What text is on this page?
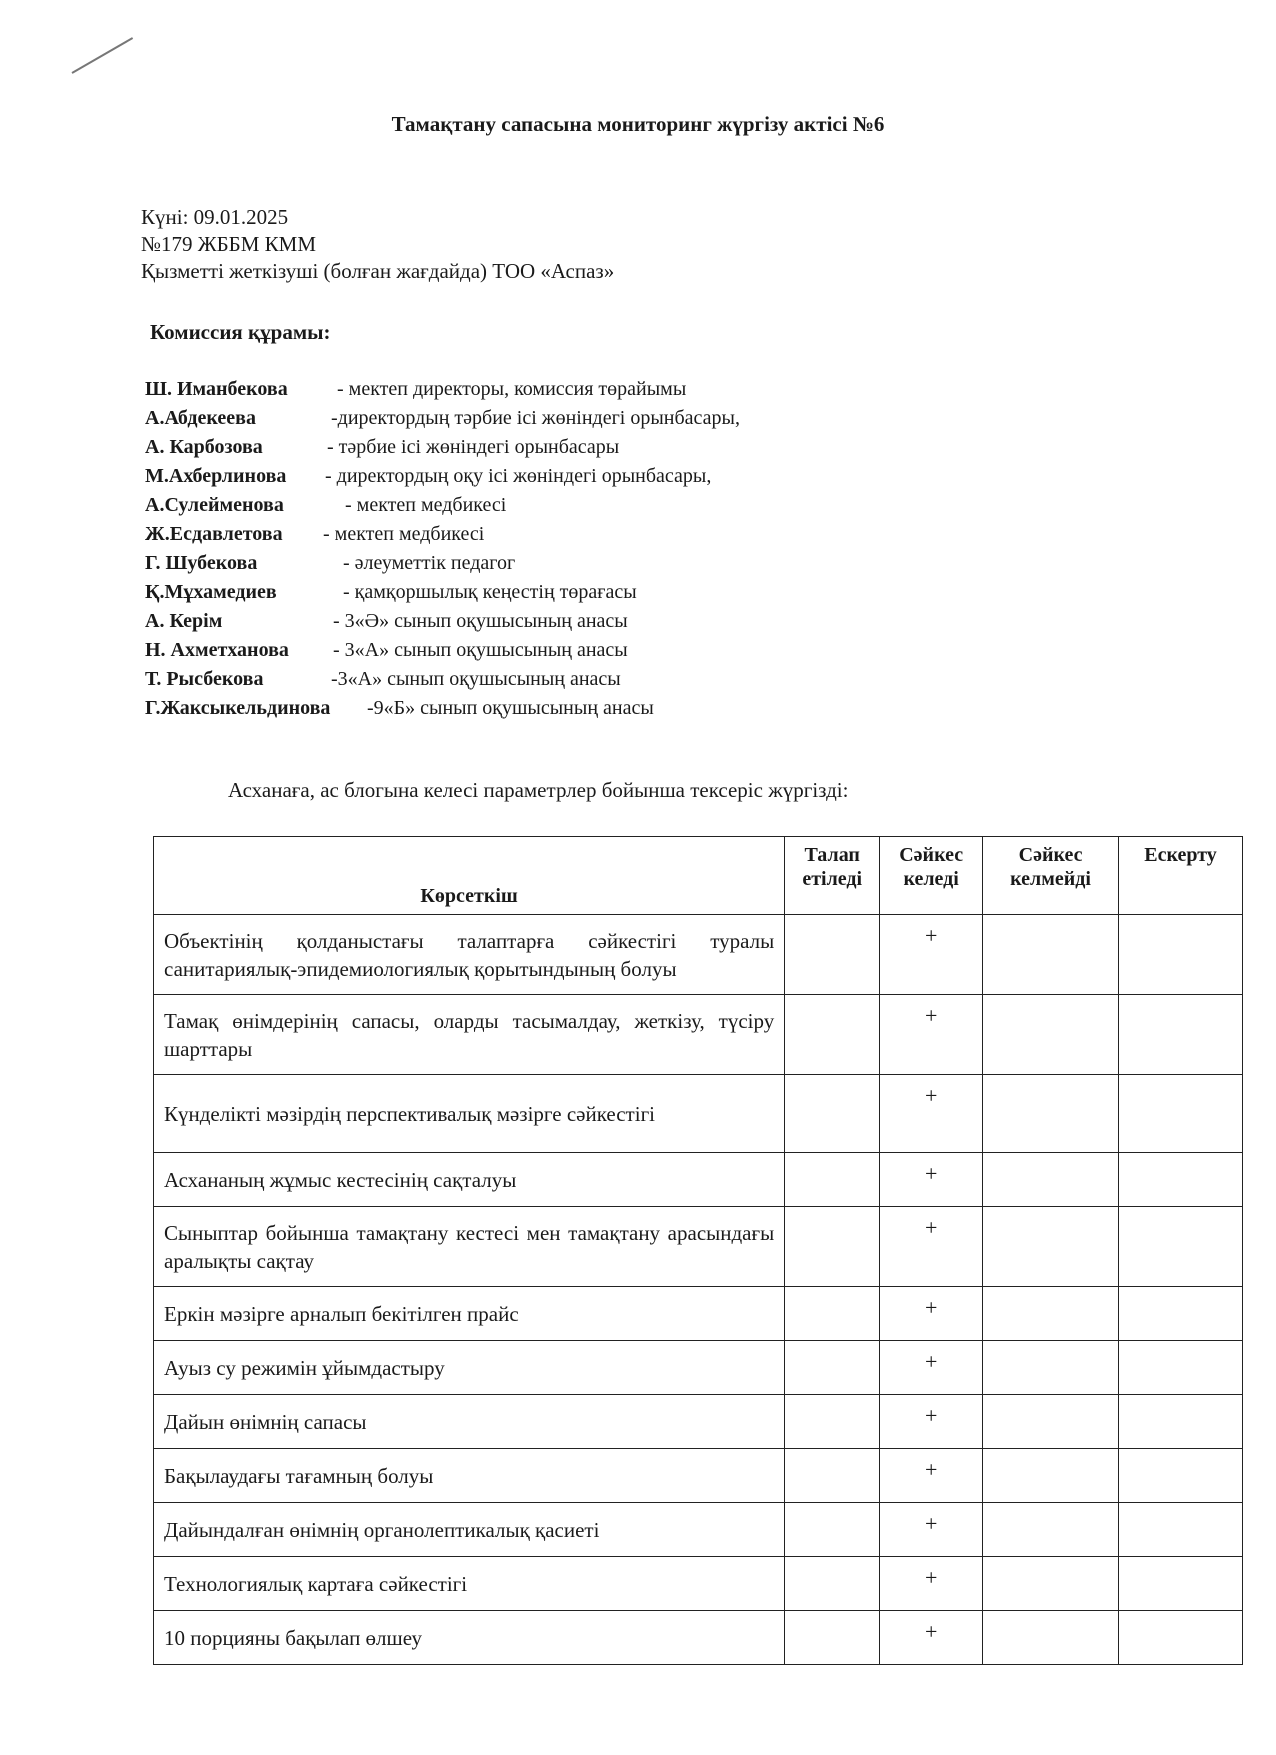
Тамақтану сапасына мониторинг жүргізу актісі №6
Күні: 09.01.2025
№179 ЖББМ КММ
Қызметті жеткізуші (болған жағдайда) ТОО «Аспаз»
Комиссия құрамы:
Ш. Иманбекова - мектеп директоры, комиссия төрайымы
А.Абдекеева	-директордың тәрбие ісі жөніндегі орынбасары,
А. Карбозова	- тәрбие ісі жөніндегі орынбасары
М.Ахберлинова - директордың оқу ісі жөніндегі орынбасары,
А.Сулейменова	- мектеп медбикесі
Ж.Есдавлетова - мектеп медбикесі
Г. Шубекова	- әлеуметтік педагог
Қ.Мұхамедиев	- қамқоршылық кеңестің төрағасы
А. Керім	- 3«Ә» сынып оқушысының анасы
Н. Ахметханова - 3«А» сынып оқушысының анасы
Т. Рысбекова	-3«А» сынып оқушысының анасы
Г.Жаксыкельдинова -9«Б» сынып оқушысының анасы
Асханаға, ас блогына келесі параметрлер бойынша тексеріс жүргізді:
Көрсеткіш	Талап етіледі	Сәйкес келеді	Сәйкес келмейді	Ескерту
Объектінің қолданыстағы талаптарға сәйкестігі туралы санитариялық-эпидемиологиялық қорытындының болуы		+		
Тамақ өнімдерінің сапасы, оларды тасымалдау, жеткізу, түсіру шарттары		+		
Күнделікті мәзірдің перспективалық мәзірге сәйкестігі		+		
Асхананың жұмыс кестесінің сақталуы		+		
Сыныптар бойынша тамақтану кестесі мен тамақтану арасындағы аралықты сақтау		+		
Еркін мәзірге арналып бекітілген прайс		+		
Ауыз су режимін ұйымдастыру		+		
Дайын өнімнің сапасы		+		
Бақылаудағы тағамның болуы		+		
Дайындалған өнімнің органолептикалық қасиеті		+		
Технологиялық картаға сәйкестігі		+		
10 порцияны бақылап өлшеу		+		
